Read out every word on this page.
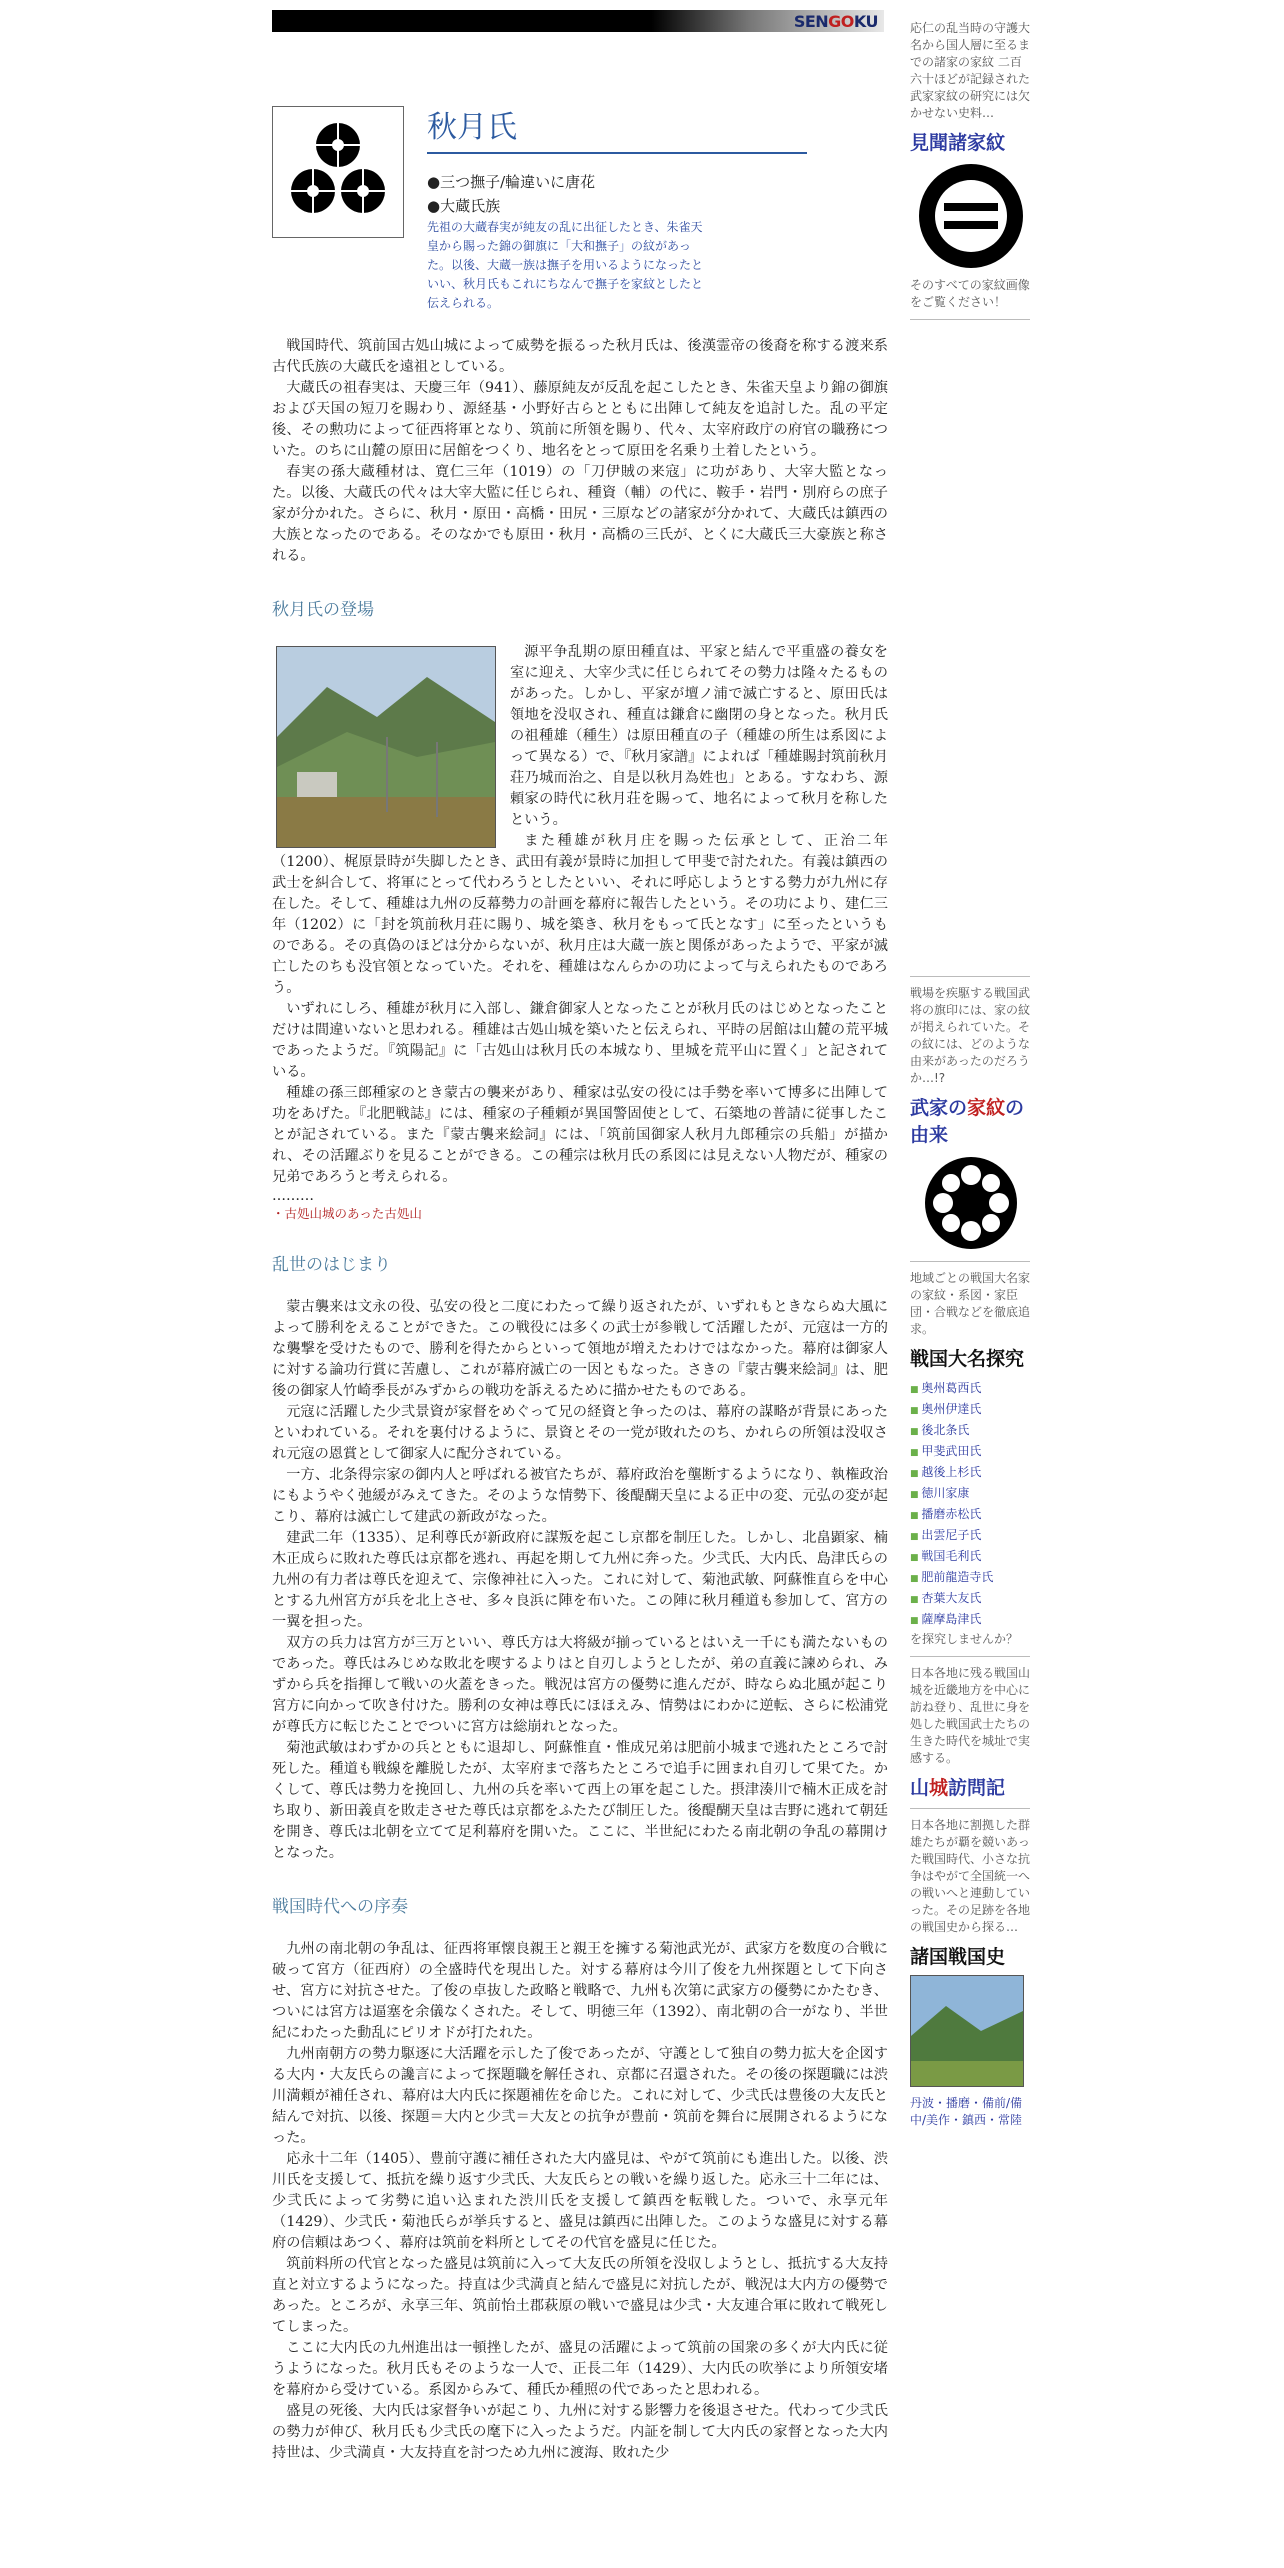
SENGOKU
秋月氏
●三つ撫子/輪違いに唐花
●大蔵氏族
先祖の大蔵春実が純友の乱に出征したとき、朱雀天皇から賜った錦の御旗に「大和撫子」の紋があった。以後、大蔵一族は撫子を用いるようになったといい、秋月氏もこれにちなんで撫子を家紋としたと伝えられる。

戦国時代、筑前国古処山城によって威勢を振るった秋月氏は、後漢霊帝の後裔を称する渡来系古代氏族の大蔵氏を遠祖としている。

大蔵氏の祖春実は、天慶三年（941）、藤原純友が反乱を起こしたとき、朱雀天皇より錦の御旗および天国の短刀を賜わり、源経基・小野好古らとともに出陣して純友を追討した。乱の平定後、その勲功によって征西将軍となり、筑前に所領を賜り、代々、太宰府政庁の府官の職務についた。のちに山麓の原田に居館をつくり、地名をとって原田を名乗り土着したという。

春実の孫大蔵種材は、寛仁三年（1019）の「刀伊賊の来寇」に功があり、大宰大監となった。以後、大蔵氏の代々は大宰大監に任じられ、種資（輔）の代に、鞍手・岩門・別府らの庶子家が分かれた。さらに、秋月・原田・高橋・田尻・三原などの諸家が分かれて、大蔵氏は鎮西の大族となったのである。そのなかでも原田・秋月・高橋の三氏が、とくに大蔵氏三大豪族と称される。

秋月氏の登場

源平争乱期の原田種直は、平家と結んで平重盛の養女を室に迎え、大宰少弐に任じられてその勢力は隆々たるものがあった。しかし、平家が壇ノ浦で滅亡すると、原田氏は領地を没収され、種直は鎌倉に幽閉の身となった。秋月氏の祖種雄（種生）は原田種直の子（種雄の所生は系図によって異なる）で、『秋月家譜』によれば「種雄賜封筑前秋月荘乃城而治之、自是以秋月為姓也」とある。すなわち、源頼家の時代に秋月荘を賜って、地名によって秋月を称したという。

また種雄が秋月庄を賜った伝承として、正治二年（1200）、梶原景時が失脚したとき、武田有義が景時に加担して甲斐で討たれた。有義は鎮西の武士を糾合して、将軍にとって代わろうとしたといい、それに呼応しようとする勢力が九州に存在した。そして、種雄は九州の反幕勢力の計画を幕府に報告したという。その功により、建仁三年（1202）に「封を筑前秋月荘に賜り、城を築き、秋月をもって氏となす」に至ったというものである。その真偽のほどは分からないが、秋月庄は大蔵一族と関係があったようで、平家が滅亡したのちも没官領となっていた。それを、種雄はなんらかの功によって与えられたものであろう。

いずれにしろ、種雄が秋月に入部し、鎌倉御家人となったことが秋月氏のはじめとなったことだけは間違いないと思われる。種雄は古処山城を築いたと伝えられ、平時の居館は山麓の荒平城であったようだ。『筑陽記』に「古処山は秋月氏の本城なり、里城を荒平山に置く」と記されている。

種雄の孫三郎種家のとき蒙古の襲来があり、種家は弘安の役には手勢を率いて博多に出陣して功をあげた。『北肥戦誌』には、種家の子種頼が異国警固使として、石築地の普請に従事したことが記されている。また『蒙古襲来絵詞』には、「筑前国御家人秋月九郎種宗の兵船」が描かれ、その活躍ぶりを見ることができる。この種宗は秋月氏の系図には見えない人物だが、種家の兄弟であろうと考えられる。

………
・古処山城のあった古処山
乱世のはじまり

蒙古襲来は文永の役、弘安の役と二度にわたって繰り返されたが、いずれもときならぬ大風によって勝利をえることができた。この戦役には多くの武士が参戦して活躍したが、元寇は一方的な襲撃を受けたもので、勝利を得たからといって領地が増えたわけではなかった。幕府は御家人に対する論功行賞に苦慮し、これが幕府滅亡の一因ともなった。さきの『蒙古襲来絵詞』は、肥後の御家人竹崎季長がみずからの戦功を訴えるために描かせたものである。

元寇に活躍した少弐景資が家督をめぐって兄の経資と争ったのは、幕府の謀略が背景にあったといわれている。それを裏付けるように、景資とその一党が敗れたのち、かれらの所領は没収され元寇の恩賞として御家人に配分されている。

一方、北条得宗家の御内人と呼ばれる被官たちが、幕府政治を壟断するようになり、執権政治にもようやく弛緩がみえてきた。そのような情勢下、後醍醐天皇による正中の変、元弘の変が起こり、幕府は滅亡して建武の新政がなった。

建武二年（1335）、足利尊氏が新政府に謀叛を起こし京都を制圧した。しかし、北畠顕家、楠木正成らに敗れた尊氏は京都を逃れ、再起を期して九州に奔った。少弐氏、大内氏、島津氏らの九州の有力者は尊氏を迎えて、宗像神社に入った。これに対して、菊池武敏、阿蘇惟直らを中心とする九州宮方が兵を北上させ、多々良浜に陣を布いた。この陣に秋月種道も参加して、宮方の一翼を担った。

双方の兵力は宮方が三万といい、尊氏方は大将級が揃っているとはいえ一千にも満たないものであった。尊氏はみじめな敗北を喫するよりはと自刃しようとしたが、弟の直義に諫められ、みずから兵を指揮して戦いの火蓋をきった。戦況は宮方の優勢に進んだが、時ならぬ北風が起こり宮方に向かって吹き付けた。勝利の女神は尊氏にほほえみ、情勢はにわかに逆転、さらに松浦党が尊氏方に転じたことでついに宮方は総崩れとなった。

菊池武敏はわずかの兵とともに退却し、阿蘇惟直・惟成兄弟は肥前小城まで逃れたところで討死した。種道も戦線を離脱したが、太宰府まで落ちたところで追手に囲まれ自刃して果てた。かくして、尊氏は勢力を挽回し、九州の兵を率いて西上の軍を起こした。摂津湊川で楠木正成を討ち取り、新田義貞を敗走させた尊氏は京都をふたたび制圧した。後醍醐天皇は吉野に逃れて朝廷を開き、尊氏は北朝を立てて足利幕府を開いた。ここに、半世紀にわたる南北朝の争乱の幕開けとなった。

戦国時代への序奏

九州の南北朝の争乱は、征西将軍懐良親王と親王を擁する菊池武光が、武家方を数度の合戦に破って宮方（征西府）の全盛時代を現出した。対する幕府は今川了俊を九州探題として下向させ、宮方に対抗させた。了俊の卓抜した政略と戦略で、九州も次第に武家方の優勢にかたむき、ついには宮方は逼塞を余儀なくされた。そして、明徳三年（1392）、南北朝の合一がなり、半世紀にわたった動乱にピリオドが打たれた。

九州南朝方の勢力駆逐に大活躍を示した了俊であったが、守護として独自の勢力拡大を企図する大内・大友氏らの讒言によって探題職を解任され、京都に召還された。その後の探題職には渋川満頼が補任され、幕府は大内氏に探題補佐を命じた。これに対して、少弐氏は豊後の大友氏と結んで対抗、以後、探題＝大内と少弐＝大友との抗争が豊前・筑前を舞台に展開されるようになった。

応永十二年（1405）、豊前守護に補任された大内盛見は、やがて筑前にも進出した。以後、渋川氏を支援して、抵抗を繰り返す少弐氏、大友氏らとの戦いを繰り返した。応永三十二年には、少弐氏によって劣勢に追い込まれた渋川氏を支援して鎮西を転戦した。ついで、永享元年（1429）、少弐氏・菊池氏らが挙兵すると、盛見は鎮西に出陣した。このような盛見に対する幕府の信頼はあつく、幕府は筑前を料所としてその代官を盛見に任じた。

筑前料所の代官となった盛見は筑前に入って大友氏の所領を没収しようとし、抵抗する大友持直と対立するようになった。持直は少弐満貞と結んで盛見に対抗したが、戦況は大内方の優勢であった。ところが、永享三年、筑前怡土郡萩原の戦いで盛見は少弐・大友連合軍に敗れて戦死してしまった。

ここに大内氏の九州進出は一頓挫したが、盛見の活躍によって筑前の国衆の多くが大内氏に従うようになった。秋月氏もそのような一人で、正長二年（1429）、大内氏の吹挙により所領安堵を幕府から受けている。系図からみて、種氏か種照の代であったと思われる。

盛見の死後、大内氏は家督争いが起こり、九州に対する影響力を後退させた。代わって少弐氏の勢力が伸び、秋月氏も少弐氏の麾下に入ったようだ。内証を制して大内氏の家督となった大内持世は、少弐満貞・大友持直を討つため九州に渡海、敗れた少

応仁の乱当時の守護大名から国人層に至るまでの諸家の家紋 二百六十ほどが記録された武家家紋の研究には欠かせない史料…
見聞諸家紋
そのすべての家紋画像をご覧ください！
戦場を疾駆する戦国武将の旗印には、家の紋が掲えられていた。その紋には、どのような由来があったのだろうか…!?
武家の家紋の由来
地域ごとの戦国大名家の家紋・系図・家臣団・合戦などを徹底追求。
戦国大名探究
■ 奥州葛西氏
■ 奥州伊達氏
■ 後北条氏
■ 甲斐武田氏
■ 越後上杉氏
■ 徳川家康
■ 播磨赤松氏
■ 出雲尼子氏
■ 戦国毛利氏
■ 肥前龍造寺氏
■ 杏葉大友氏
■ 薩摩島津氏
を探究しませんか？
日本各地に残る戦国山城を近畿地方を中心に訪ね登り、乱世に身を処した戦国武士たちの生きた時代を城址で実感する。
山城訪問記
日本各地に割拠した群雄たちが覇を競いあった戦国時代、小さな抗争はやがて全国統一への戦いへと連動していった。その足跡を各地の戦国史から探る…
諸国戦国史
丹波・播磨・備前/備中/美作・鎮西・常陸
